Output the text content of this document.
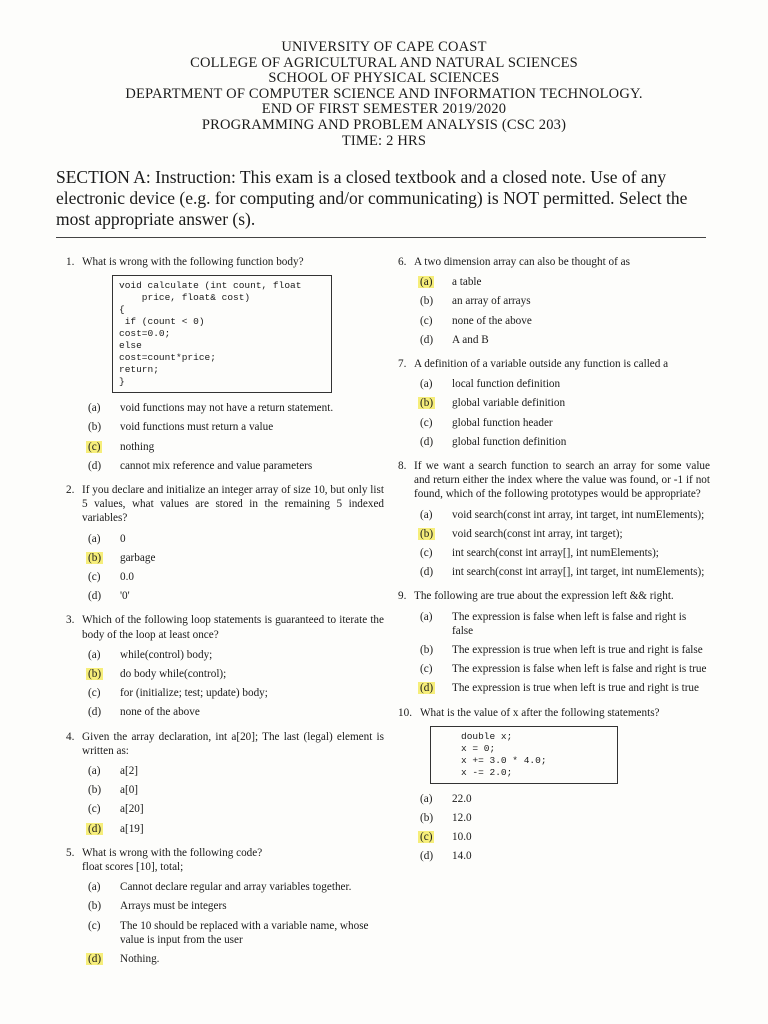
UNIVERSITY OF CAPE COAST
COLLEGE OF AGRICULTURAL AND NATURAL SCIENCES
SCHOOL OF PHYSICAL SCIENCES
DEPARTMENT OF COMPUTER SCIENCE AND INFORMATION TECHNOLOGY.
END OF FIRST SEMESTER 2019/2020
PROGRAMMING AND PROBLEM ANALYSIS (CSC 203)
TIME: 2 HRS
SECTION A: Instruction: This exam is a closed textbook and a closed note. Use of any electronic device (e.g. for computing and/or communicating) is NOT permitted. Select the most appropriate answer (s).
1. What is wrong with the following function body?
void calculate (int count, float
price, float& cost)
{
if (count < 0)
cost=0.0;
else
cost=count*price;
return;
}
(a)	void functions may not have a return statement.
(b)	void functions must return a value
(c)	nothing
(d)	cannot mix reference and value parameters
2. If you declare and initialize an integer array of size 10, but only list 5 values, what values are stored in the remaining 5 indexed variables?
(a)	0
(b)	garbage
(c)	0.0
(d)	'0'
3. Which of the following loop statements is guaranteed to iterate the body of the loop at least once?
(a)	while(control) body;
(b)	do body while(control);
(c)	for (initialize; test; update) body;
(d)	none of the above
4. Given the array declaration, int a[20]; The last (legal) element is written as:
(a)	a[2]
(b)	a[0]
(c)	a[20]
(d)	a[19]
5. What is wrong with the following code?
float scores [10], total;
(a)	Cannot declare regular and array variables together.
(b)	Arrays must be integers
(c)	The 10 should be replaced with a variable name, whose value is input from the user
(d)	Nothing.
6. A two dimension array can also be thought of as
(a)	a table
(b)	an array of arrays
(c)	none of the above
(d)	A and B
7. A definition of a variable outside any function is called a
(a)	local function definition
(b)	global variable definition
(c)	global function header
(d)	global function definition
8. If we want a search function to search an array for some value and return either the index where the value was found, or -1 if not found, which of the following prototypes would be appropriate?
(a)	void search(const int array, int target, int numElements);
(b)	void search(const int array, int target);
(c)	int search(const int array[], int numElements);
(d)	int search(const int array[], int target, int numElements);
9. The following are true about the expression left && right.
(a)	The expression is false when left is false and right is false
(b)	The expression is true when left is true and right is false
(c)	The expression is false when left is false and right is true
(d)	The expression is true when left is true and right is true
10. What is the value of x after the following statements?
double x;
x = 0;
x += 3.0 * 4.0;
x -= 2.0;
(a)	22.0
(b)	12.0
(c)	10.0
(d)	14.0
